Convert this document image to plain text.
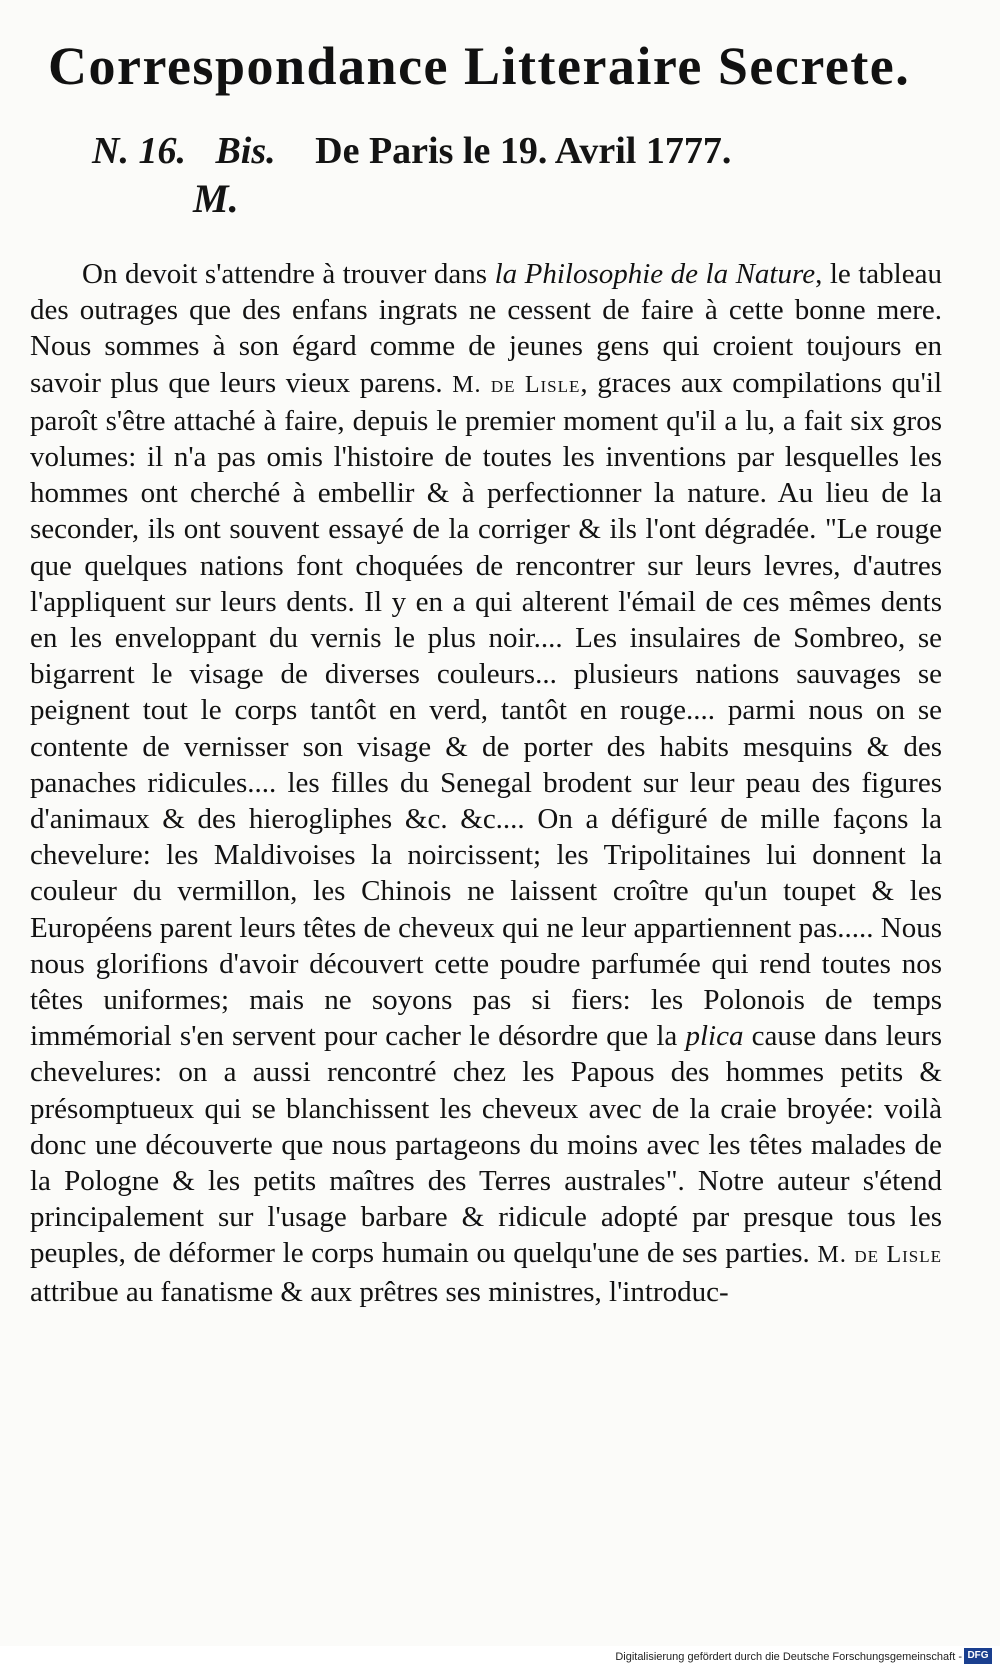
Correspondance Litteraire Secrete.
N. 16. Bis. De Paris le 19. Avril 1777.
M.
On devoit s'attendre à trouver dans la Philosophie de la Nature, le tableau des outrages que des enfans ingrats ne cessent de faire à cette bonne mere. Nous sommes à son égard comme de jeunes gens qui croient toujours en savoir plus que leurs vieux parens. M. de Lisle, graces aux compilations qu'il paroît s'être attaché à faire, depuis le premier moment qu'il a lu, a fait six gros volumes: il n'a pas omis l'histoire de toutes les inventions par lesquelles les hommes ont cherché à embellir & à perfectionner la nature. Au lieu de la seconder, ils ont souvent essayé de la corriger & ils l'ont dégradée. "Le rouge que quelques nations font choquées de rencontrer sur leurs levres, d'autres l'appliquent sur leurs dents. Il y en a qui alterent l'émail de ces mêmes dents en les enveloppant du vernis le plus noir.... Les insulaires de Sombreo, se bigarrent le visage de diverses couleurs... plusieurs nations sauvages se peignent tout le corps tantôt en verd, tantôt en rouge.... parmi nous on se contente de vernisser son visage & de porter des habits mesquins & des panaches ridicules.... les filles du Senegal brodent sur leur peau des figures d'animaux & des hierogliphes &c. &c.... On a défiguré de mille façons la chevelure: les Maldivoises la noircissent; les Tripolitaines lui donnent la couleur du vermillon, les Chinois ne laissent croître qu'un toupet & les Européens parent leurs têtes de cheveux qui ne leur appartiennent pas..... Nous nous glorifions d'avoir découvert cette poudre parfumée qui rend toutes nos têtes uniformes; mais ne soyons pas si fiers: les Polonois de temps immémorial s'en servent pour cacher le désordre que la plica cause dans leurs chevelures: on a aussi rencontré chez les Papous des hommes petits & présomptueux qui se blanchissent les cheveux avec de la craie broyée: voilà donc une découverte que nous partageons du moins avec les têtes malades de la Pologne & les petits maîtres des Terres australes". Notre auteur s'étend principalement sur l'usage barbare & ridicule adopté par presque tous les peuples, de déformer le corps humain ou quelqu'une de ses parties. M. de Lisle attribue au fanatisme & aux prêtres ses ministres, l'introduc-
Digitalisierung gefördert durch die Deutsche Forschungsgemeinschaft - DFG
